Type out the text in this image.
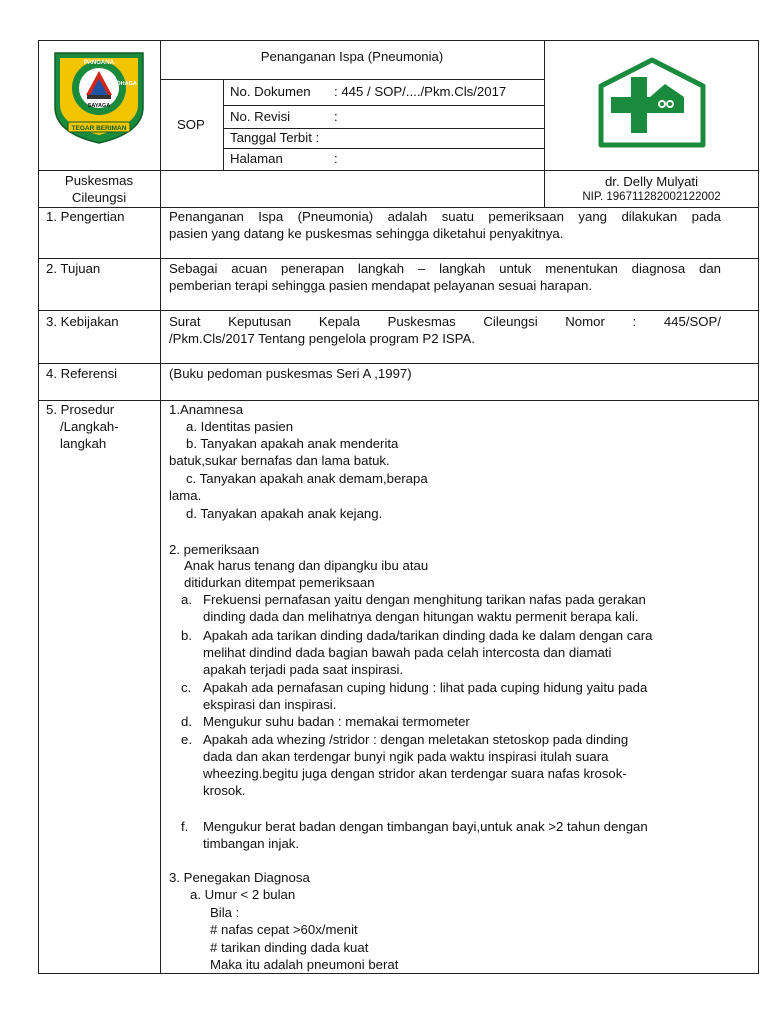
PANGANA
TOHAGA
SAYAGA
TEGAR BERIMAN
Penanganan Ispa (Pneumonia)
SOP
No. Dokumen : 445 / SOP/..../Pkm.Cls/2017
No. Revisi	:
Tanggal Terbit :
Halaman	:
Puskesmas
Cileungsi
dr. Delly Mulyati
NIP. 196711282002122002
1. Pengertian
2. Tujuan
3. Kebijakan
4. Referensi
5. Prosedur
/Langkah-
langkah
Penanganan Ispa (Pneumonia) adalah suatu pemeriksaan yang dilakukan pada
pasien yang datang ke puskesmas sehingga diketahui penyakitnya.
Sebagai acuan penerapan langkah – langkah untuk menentukan diagnosa dan
pemberian terapi sehingga pasien mendapat pelayanan sesuai harapan.
Surat Keputusan Kepala Puskesmas Cileungsi Nomor : 445/SOP/
/Pkm.Cls/2017 Tentang pengelola program P2 ISPA.
(Buku pedoman puskesmas Seri A ,1997)
1.Anamnesa
a. Identitas pasien
b. Tanyakan apakah anak menderita
batuk,sukar bernafas dan lama batuk.
c. Tanyakan apakah anak demam,berapa
lama.
d. Tanyakan apakah anak kejang.
2. pemeriksaan
Anak harus tenang dan dipangku ibu atau
ditidurkan ditempat pemeriksaan
a. Frekuensi pernafasan yaitu dengan menghitung tarikan nafas pada gerakan
dinding dada dan melihatnya dengan hitungan waktu permenit berapa kali.
b. Apakah ada tarikan dinding dada/tarikan dinding dada ke dalam dengan cara
melihat dindind dada bagian bawah pada celah intercosta dan diamati
apakah terjadi pada saat inspirasi.
c. Apakah ada pernafasan cuping hidung : lihat pada cuping hidung yaitu pada
ekspirasi dan inspirasi.
d. Mengukur suhu badan : memakai termometer
e. Apakah ada whezing /stridor : dengan meletakan stetoskop pada dinding
dada dan akan terdengar bunyi ngik pada waktu inspirasi itulah suara
wheezing.begitu juga dengan stridor akan terdengar suara nafas krosok-
krosok.
f. Mengukur berat badan dengan timbangan bayi,untuk anak >2 tahun dengan
timbangan injak.
3. Penegakan Diagnosa
a. Umur < 2 bulan
Bila :
# nafas cepat >60x/menit
# tarikan dinding dada kuat
Maka itu adalah pneumoni berat
